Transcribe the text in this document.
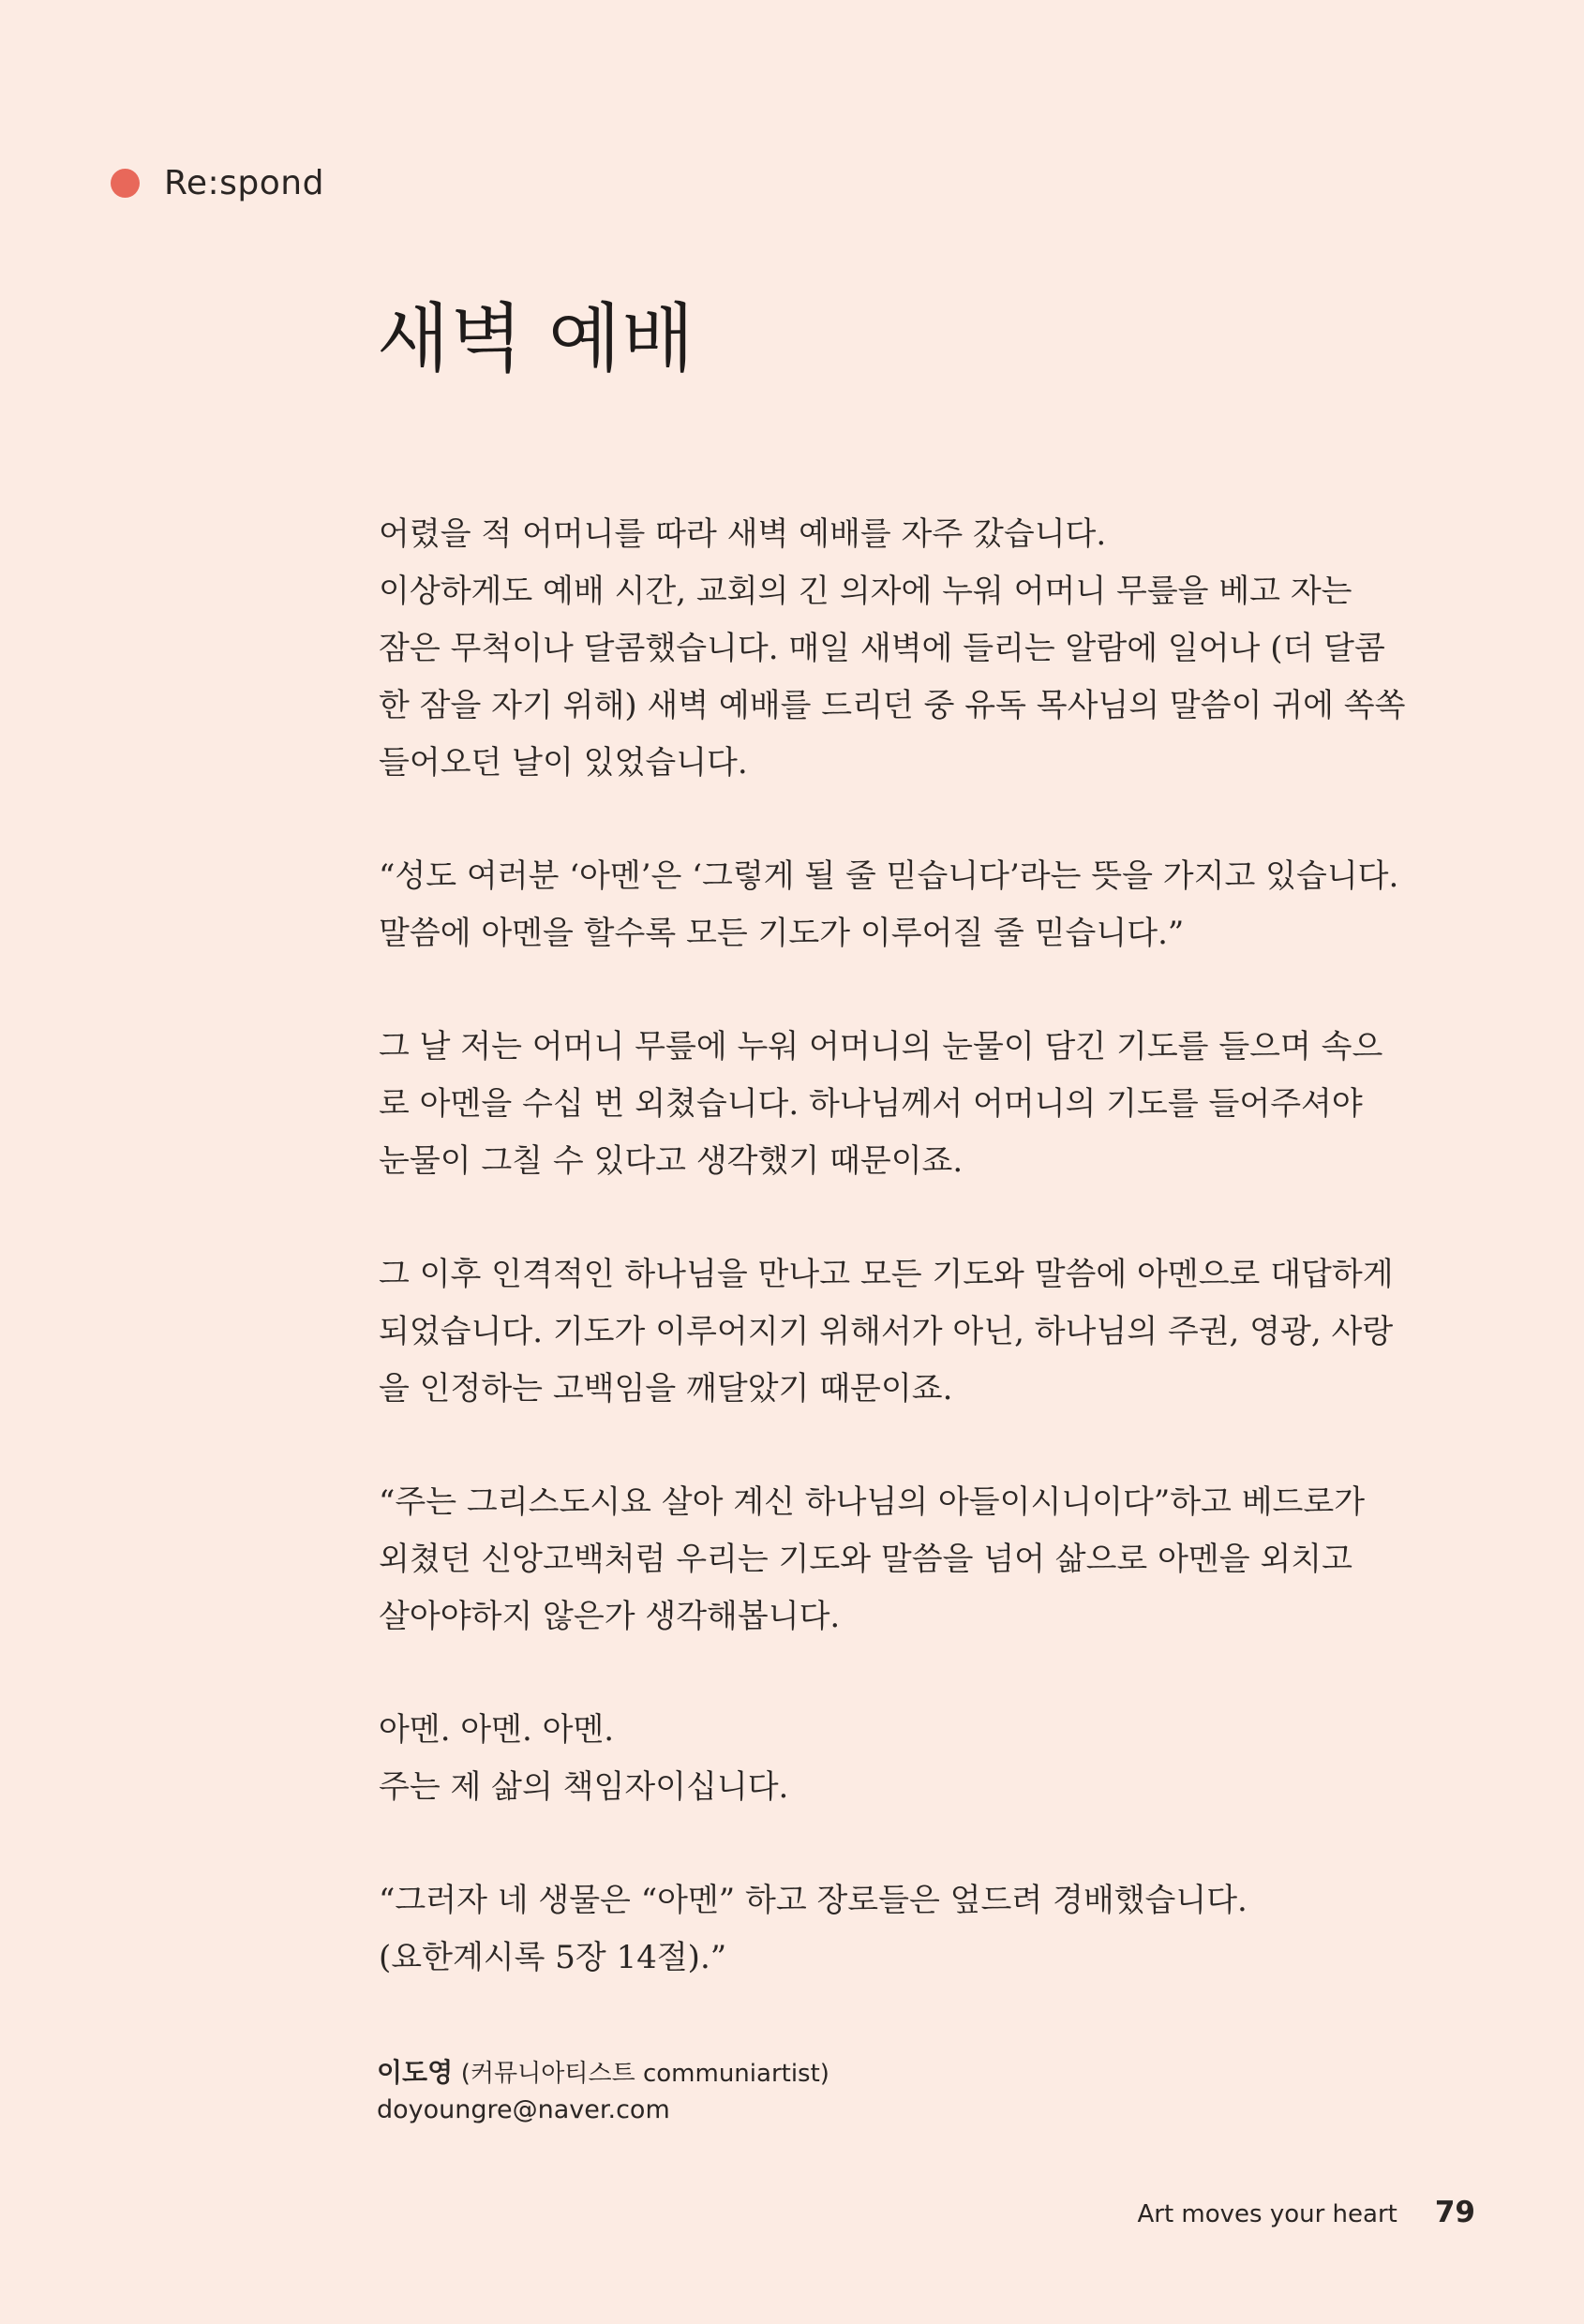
Re:spond
새벽 예배

어렸을 적 어머니를 따라 새벽 예배를 자주 갔습니다.
이상하게도 예배 시간, 교회의 긴 의자에 누워 어머니 무릎을 베고 자는
잠은 무척이나 달콤했습니다. 매일 새벽에 들리는 알람에 일어나 (더 달콤
한 잠을 자기 위해) 새벽 예배를 드리던 중 유독 목사님의 말씀이 귀에 쏙쏙
들어오던 날이 있었습니다.

“성도 여러분 ‘아멘’은 ‘그렇게 될 줄 믿습니다’라는 뜻을 가지고 있습니다.
말씀에 아멘을 할수록 모든 기도가 이루어질 줄 믿습니다.”

그 날 저는 어머니 무릎에 누워 어머니의 눈물이 담긴 기도를 들으며 속으
로 아멘을 수십 번 외쳤습니다. 하나님께서 어머니의 기도를 들어주셔야
눈물이 그칠 수 있다고 생각했기 때문이죠.

그 이후 인격적인 하나님을 만나고 모든 기도와 말씀에 아멘으로 대답하게
되었습니다. 기도가 이루어지기 위해서가 아닌, 하나님의 주권, 영광, 사랑
을 인정하는 고백임을 깨달았기 때문이죠.

“주는 그리스도시요 살아 계신 하나님의 아들이시니이다”하고 베드로가
외쳤던 신앙고백처럼 우리는 기도와 말씀을 넘어 삶으로 아멘을 외치고
살아야하지 않은가 생각해봅니다.

아멘. 아멘. 아멘.
주는 제 삶의 책임자이십니다.

“그러자 네 생물은 “아멘” 하고 장로들은 엎드려 경배했습니다.
(요한계시록 5장 14절).”

이도영 (커뮤니아티스트 communiartist)
doyoungre@naver.com
Art moves your heart 79
